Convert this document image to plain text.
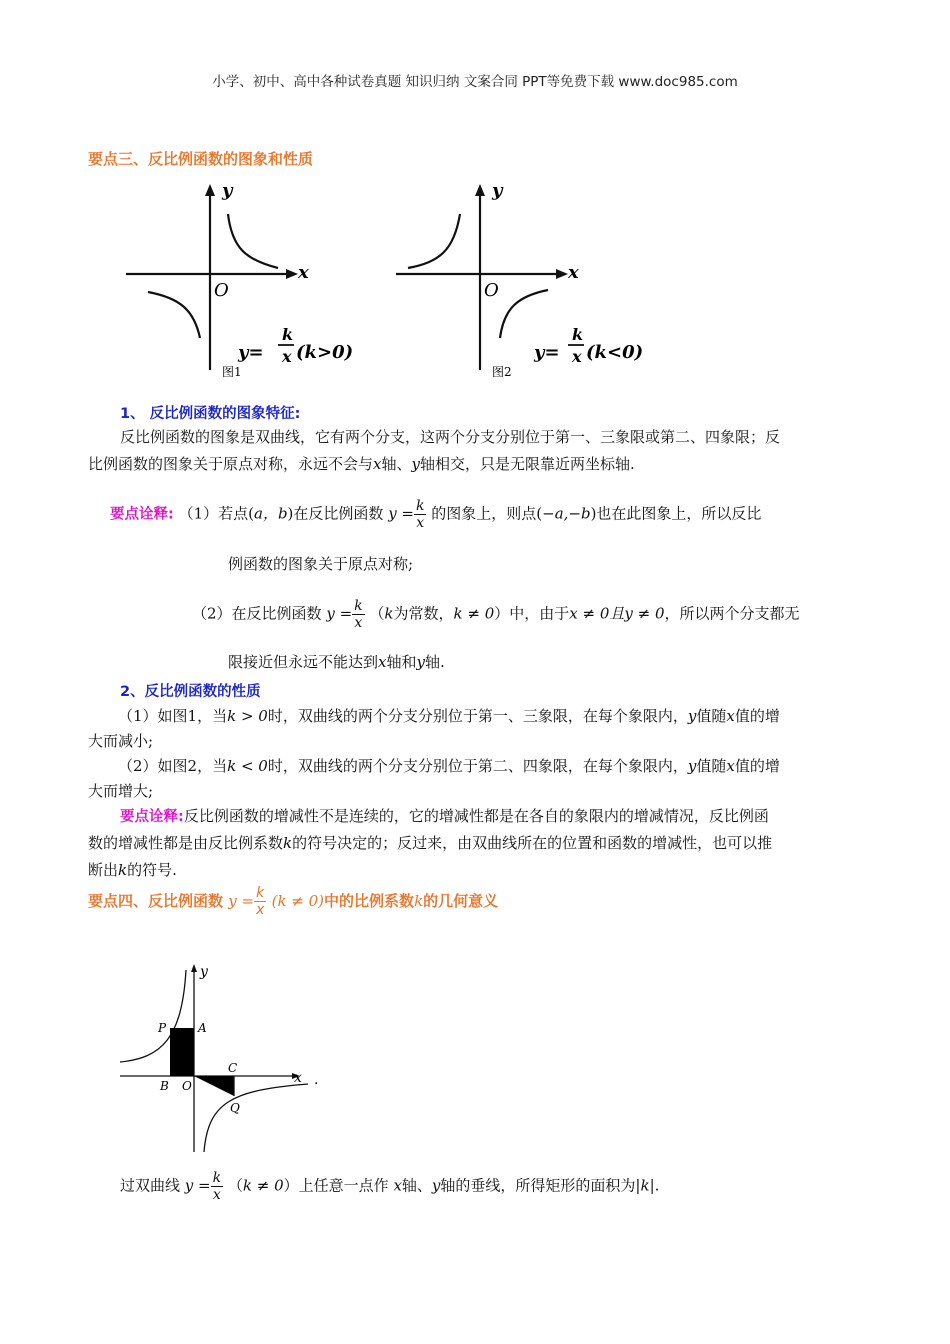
小学、初中、高中各种试卷真题 知识归纳 文案合同 PPT等免费下载 www.doc985.com
要点三、反比例函数的图象和性质
y
x
O
y=
k
x (k>0)
图1
y
x
O
y=
k
x (k<0)
图2
1、 反比例函数的图象特征:
反比例函数的图象是双曲线，它有两个分支，这两个分支分别位于第一、三象限或第二、四象限；反
比例函数的图象关于原点对称，永远不会与x轴、y轴相交，只是无限靠近两坐标轴.
要点诠释: （1）若点(a，b)在反比例函数 $y = \frac{k}{x}$ 的图象上，则点(−a,−b)也在此图象上，所以反比
例函数的图象关于原点对称;
（2）在反比例函数 $y = \frac{k}{x} (k$为常数，k ≠ 0）中，由于x ≠ 0且y ≠ 0，所以两个分支都无
限接近但永远不能达到x轴和y轴.
2、反比例函数的性质
（1）如图1，当k > 0时，双曲线的两个分支分别位于第一、三象限，在每个象限内，y值随x值的增
大而减小;
（2）如图2，当k < 0时，双曲线的两个分支分别位于第二、四象限，在每个象限内，y值随x值的增
大而增大;
要点诠释:反比例函数的增减性不是连续的，它的增减性都是在各自的象限内的增减情况，反比例函
数的增减性都是由反比例系数k的符号决定的；反过来，由双曲线所在的位置和函数的增减性，也可以推
断出k的符号.
要点四、反比例函数 $y = \frac{k}{x} (k \ne 0)$中的比例系数k的几何意义
y
x .
P	A
B O
C
Q
过双曲线 $y = \frac{k}{x} (k \ne 0)$上任意一点作 x轴、y轴的垂线，所得矩形的面积为|k|.
